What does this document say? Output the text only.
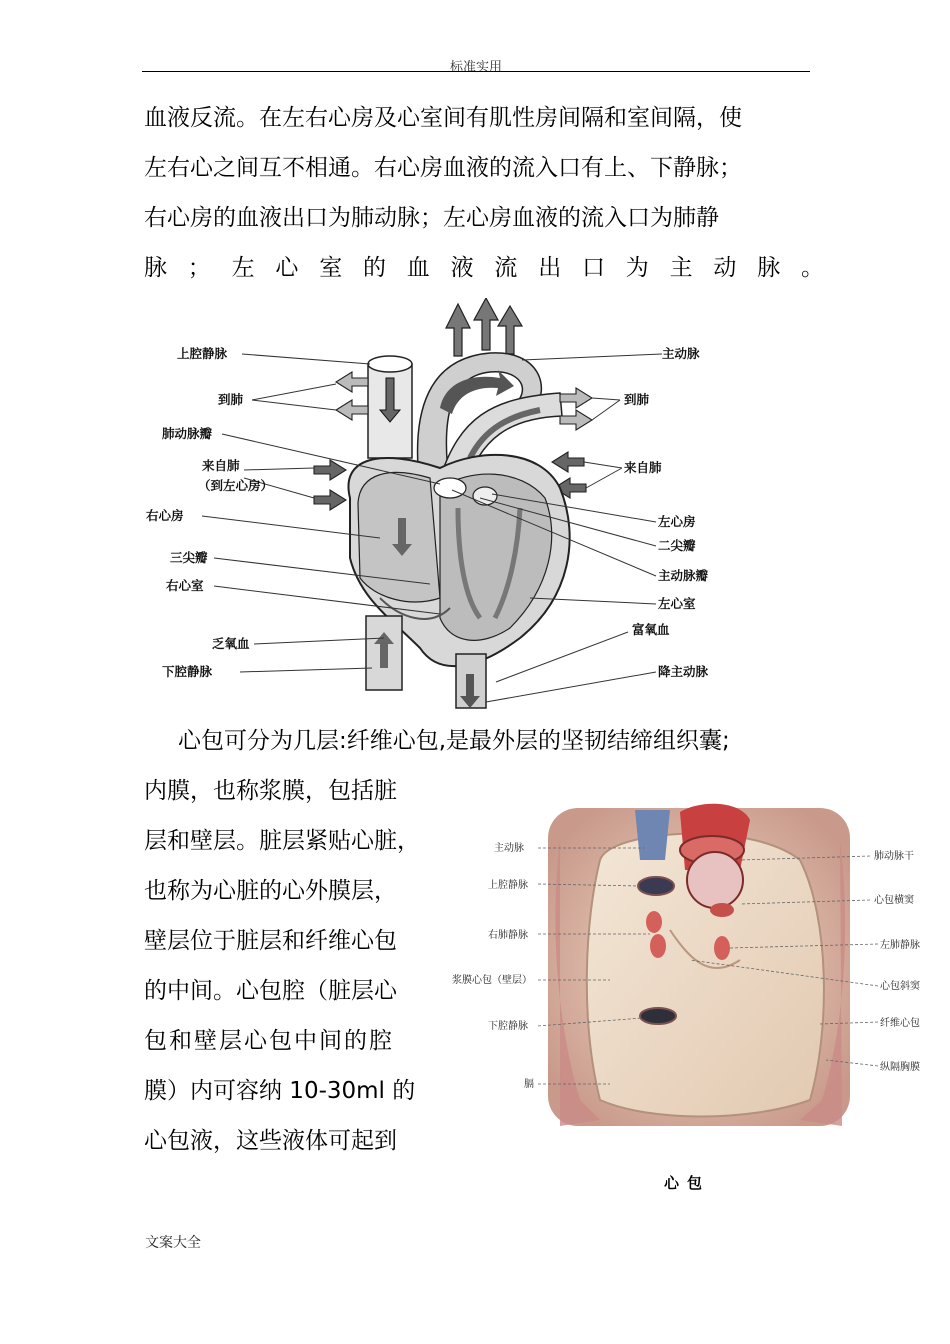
标准实用
血液反流。在左右心房及心室间有肌性房间隔和室间隔，使
左右心之间互不相通。右心房血液的流入口有上、下静脉；
右心房的血液出口为肺动脉；左心房血液的流入口为肺静
脉；左心室的血液流出口为主动脉。
上腔静脉
到肺
肺动脉瓣
来自肺
（到左心房）
右心房
三尖瓣
右心室
乏氧血
下腔静脉
主动脉
到肺
来自肺
左心房
二尖瓣
主动脉瓣
左心室
富氧血
降主动脉
心包可分为几层:纤维心包,是最外层的坚韧结缔组织囊;
内膜，也称浆膜，包括脏
层和壁层。脏层紧贴心脏，
也称为心脏的心外膜层，
壁层位于脏层和纤维心包
的中间。心包腔（脏层心
包和壁层心包中间的腔
膜）内可容纳 10-30ml 的
心包液，这些液体可起到
主动脉
上腔静脉
右肺静脉
浆膜心包（壁层）
下腔静脉
膈
肺动脉干
心包横窦
左肺静脉
心包斜窦
纤维心包
纵隔胸膜
心包
文案大全
